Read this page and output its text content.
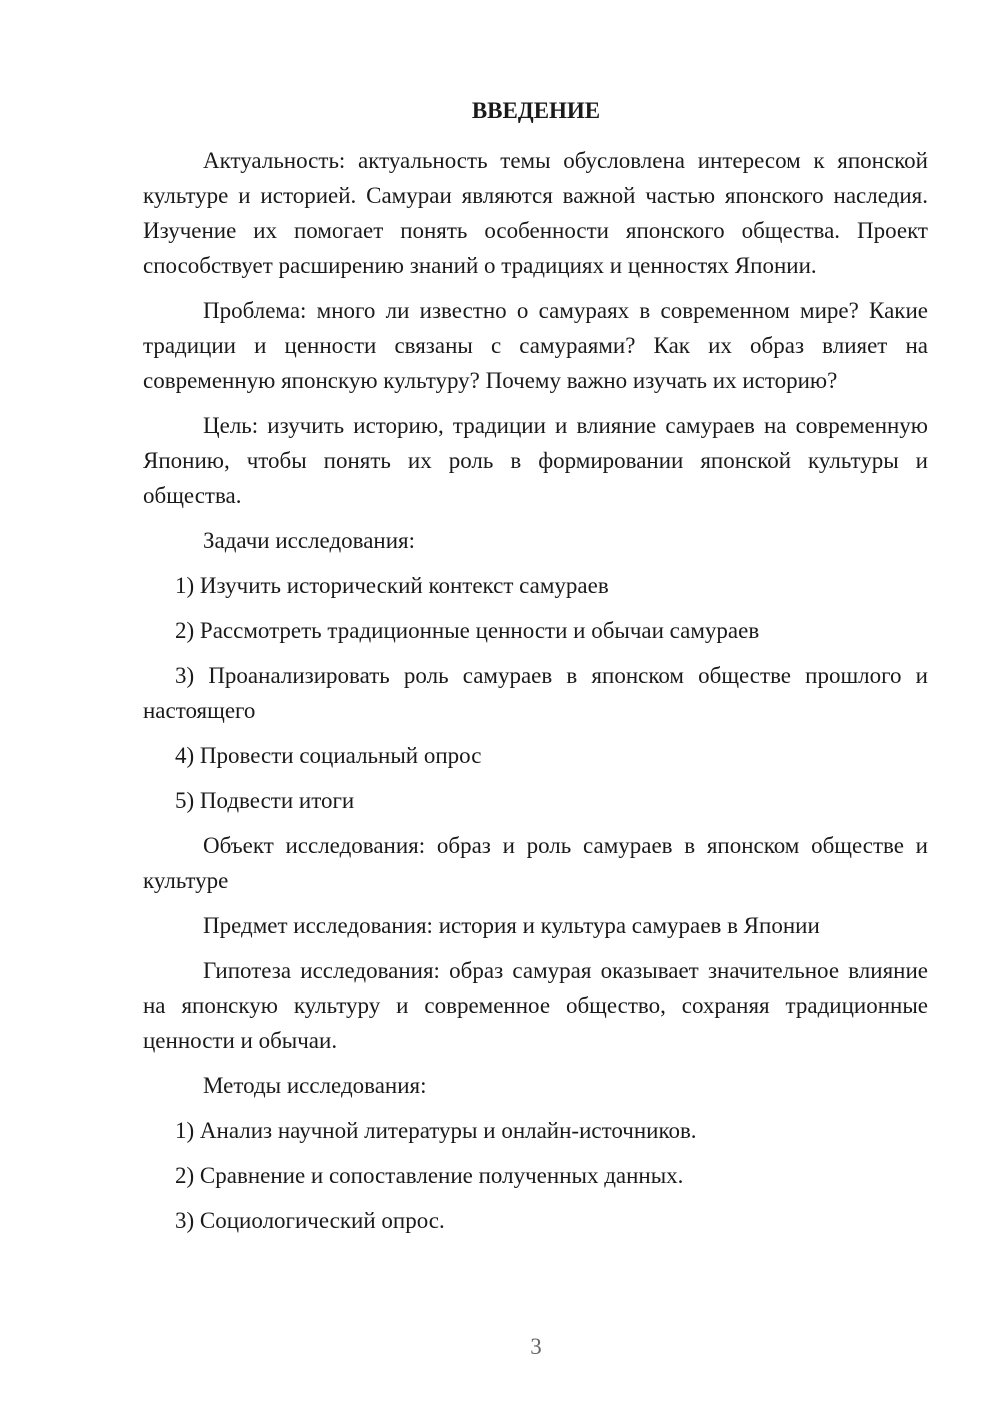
ВВЕДЕНИЕ

Актуальность: актуальность темы обусловлена интересом к японской культуре и историей. Самураи являются важной частью японского наследия. Изучение их помогает понять особенности японского общества. Проект способствует расширению знаний о традициях и ценностях Японии.

Проблема: много ли известно о самураях в современном мире? Какие традиции и ценности связаны с самураями? Как их образ влияет на современную японскую культуру? Почему важно изучать их историю?

Цель: изучить историю, традиции и влияние самураев на современную Японию, чтобы понять их роль в формировании японской культуры и общества.

Задачи исследования:

1) Изучить исторический контекст самураев

2) Рассмотреть традиционные ценности и обычаи самураев

3) Проанализировать роль самураев в японском обществе прошлого и настоящего

4) Провести социальный опрос

5) Подвести итоги

Объект исследования: образ и роль самураев в японском обществе и культуре

Предмет исследования: история и культура самураев в Японии

Гипотеза исследования: образ самурая оказывает значительное влияние на японскую культуру и современное общество, сохраняя традиционные ценности и обычаи.

Методы исследования:

1) Анализ научной литературы и онлайн-источников.

2) Сравнение и сопоставление полученных данных.

3) Социологический опрос.

3
